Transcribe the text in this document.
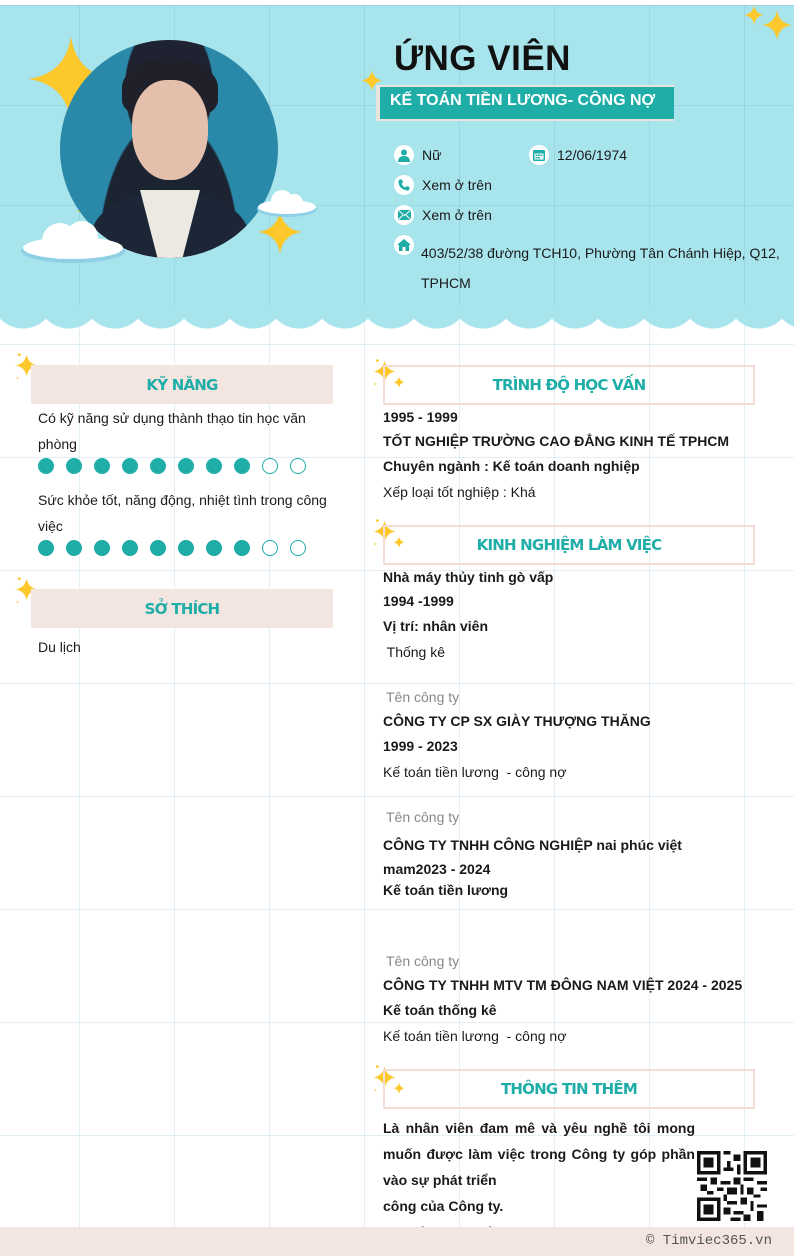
ỨNG VIÊN
KẾ TOÁN TIỀN LƯƠNG- CÔNG NỢ
Nữ	12/06/1974
Xem ở trên
Xem ở trên
403/52/38 đường TCH10, Phường Tân Chánh Hiệp, Q12, TPHCM
KỸ NĂNG
Có kỹ năng sử dụng thành thạo tin học văn phòng
Sức khỏe tốt, năng động, nhiệt tình trong công việc
SỞ THÍCH
Du lịch
TRÌNH ĐỘ HỌC VẤN
1995 - 1999
TỐT NGHIỆP TRƯỜNG CAO ĐẲNG KINH TẾ TPHCM
Chuyên ngành : Kế toán doanh nghiệp
Xếp loại tốt nghiệp : Khá
KINH NGHIỆM LÀM VIỆC
Nhà máy thủy tinh gò vấp
1994 -1999
Vị trí: nhân viên
Thống kê
Tên công ty
CÔNG TY CP SX GIÀY THƯỢNG THĂNG
1999 - 2023
Kế toán tiền lương  - công nợ
Tên công ty
CÔNG TY TNHH CÔNG NGHIỆP nai phúc việt mam2023 - 2024
Kế toán tiền lương
Tên công ty
CÔNG TY TNHH MTV TM ĐÔNG NAM VIỆT 2024 - 2025
Kế toán thống kê
Kế toán tiền lương  - công nợ
THÔNG TIN THÊM
Là nhân viên đam mê và yêu nghề tôi mong muốn được làm việc trong Công ty góp phần vào sự phát triển
công của Công ty.
© Timviec365.vn
